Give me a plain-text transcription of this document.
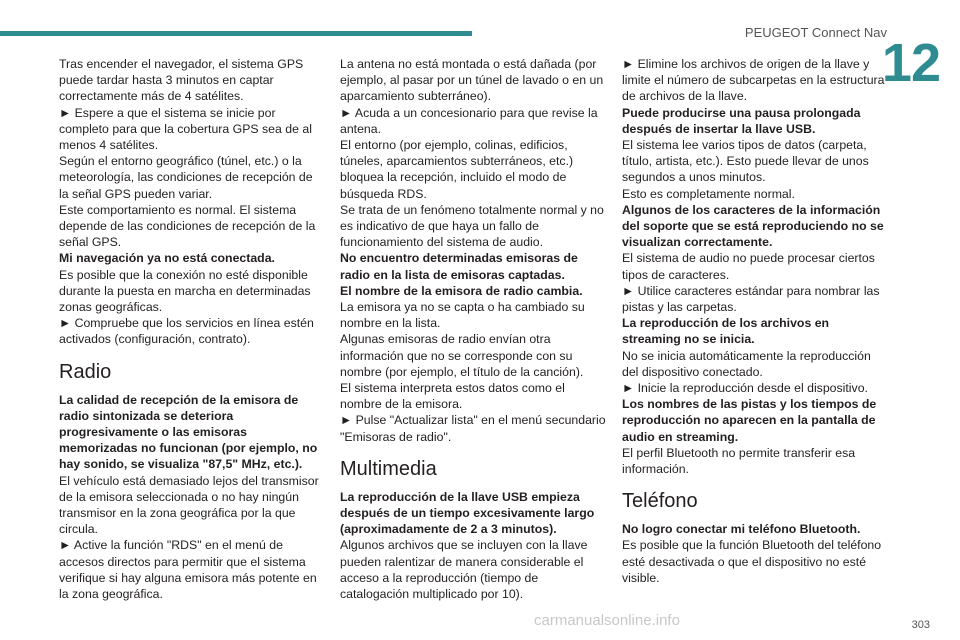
PEUGEOT Connect Nav
12

Tras encender el navegador, el sistema GPS puede tardar hasta 3 minutos en captar correctamente más de 4 satélites.

► Espere a que el sistema se inicie por completo para que la cobertura GPS sea de al menos 4 satélites.

Según el entorno geográfico (túnel, etc.) o la meteorología, las condiciones de recepción de la señal GPS pueden variar.

Este comportamiento es normal. El sistema depende de las condiciones de recepción de la señal GPS.

Mi navegación ya no está conectada.

Es posible que la conexión no esté disponible durante la puesta en marcha en determinadas zonas geográficas.

► Compruebe que los servicios en línea estén activados (configuración, contrato).

Radio

La calidad de recepción de la emisora de radio sintonizada se deteriora progresivamente o las emisoras memorizadas no funcionan (por ejemplo, no hay sonido, se visualiza "87,5" MHz, etc.).

El vehículo está demasiado lejos del transmisor de la emisora seleccionada o no hay ningún transmisor en la zona geográfica por la que circula.

► Active la función "RDS" en el menú de accesos directos para permitir que el sistema verifique si hay alguna emisora más potente en la zona geográfica.

La antena no está montada o está dañada (por ejemplo, al pasar por un túnel de lavado o en un aparcamiento subterráneo).

► Acuda a un concesionario para que revise la antena.

El entorno (por ejemplo, colinas, edificios, túneles, aparcamientos subterráneos, etc.) bloquea la recepción, incluido el modo de búsqueda RDS.

Se trata de un fenómeno totalmente normal y no es indicativo de que haya un fallo de funcionamiento del sistema de audio.

No encuentro determinadas emisoras de radio en la lista de emisoras captadas.

El nombre de la emisora de radio cambia.

La emisora ya no se capta o ha cambiado su nombre en la lista.

Algunas emisoras de radio envían otra información que no se corresponde con su nombre (por ejemplo, el título de la canción).

El sistema interpreta estos datos como el nombre de la emisora.

► Pulse "Actualizar lista" en el menú secundario "Emisoras de radio".

Multimedia

La reproducción de la llave USB empieza después de un tiempo excesivamente largo (aproximadamente de 2 a 3 minutos).

Algunos archivos que se incluyen con la llave pueden ralentizar de manera considerable el acceso a la reproducción (tiempo de catalogación multiplicado por 10).

► Elimine los archivos de origen de la llave y limite el número de subcarpetas en la estructura de archivos de la llave.

Puede producirse una pausa prolongada después de insertar la llave USB.

El sistema lee varios tipos de datos (carpeta, título, artista, etc.). Esto puede llevar de unos segundos a unos minutos.

Esto es completamente normal.

Algunos de los caracteres de la información del soporte que se está reproduciendo no se visualizan correctamente.

El sistema de audio no puede procesar ciertos tipos de caracteres.

► Utilice caracteres estándar para nombrar las pistas y las carpetas.

La reproducción de los archivos en streaming no se inicia.

No se inicia automáticamente la reproducción del dispositivo conectado.

► Inicie la reproducción desde el dispositivo.

Los nombres de las pistas y los tiempos de reproducción no aparecen en la pantalla de audio en streaming.

El perfil Bluetooth no permite transferir esa información.

Teléfono

No logro conectar mi teléfono Bluetooth.

Es posible que la función Bluetooth del teléfono esté desactivada o que el dispositivo no esté visible.

carmanualsonline.info	303
